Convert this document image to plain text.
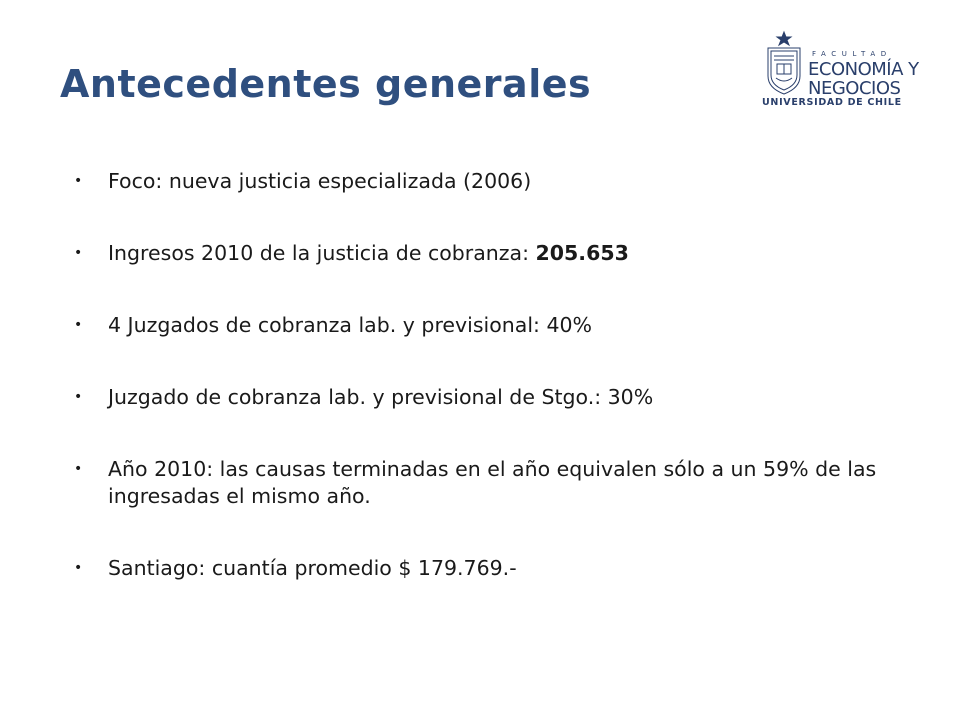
Antecedentes generales
FACULTAD
ECONOMÍA Y
NEGOCIOS
UNIVERSIDAD DE CHILE
• Foco: nueva justicia especializada (2006)
• Ingresos 2010 de la justicia de cobranza: 205.653
• 4 Juzgados de cobranza lab. y previsional: 40%
• Juzgado de cobranza lab. y previsional de Stgo.: 30%
• Año 2010: las causas terminadas en el año equivalen sólo a un 59% de las ingresadas el mismo año.
• Santiago: cuantía promedio $ 179.769.-
